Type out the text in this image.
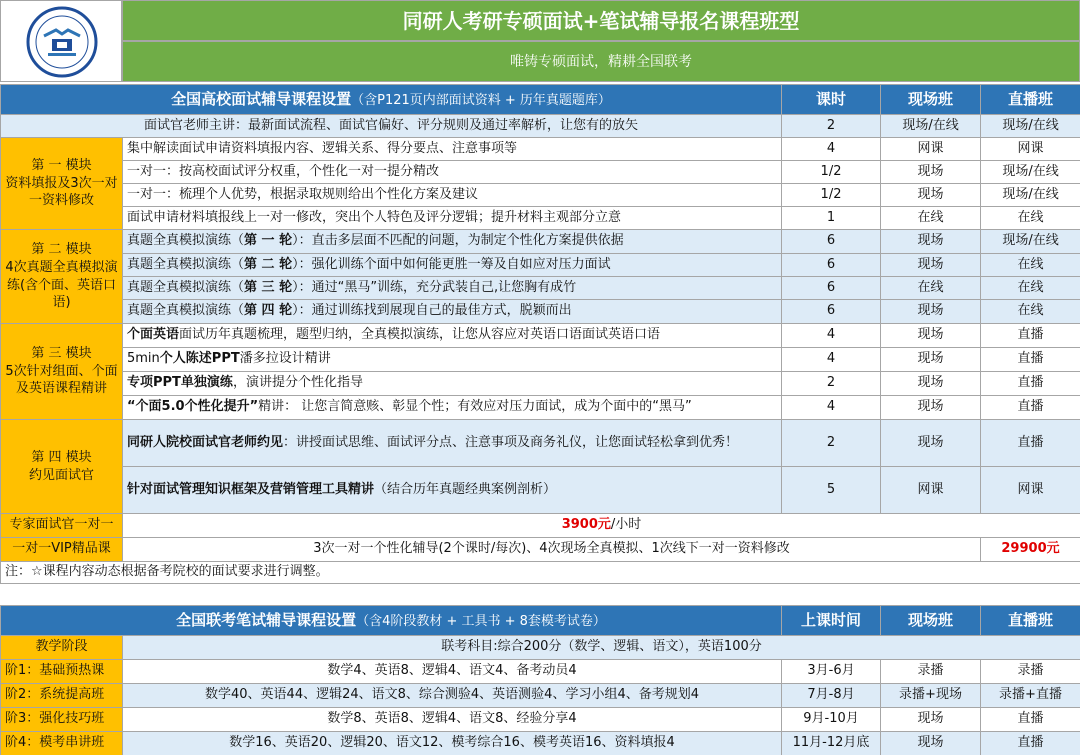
同研人考研专硕面试+笔试辅导报名课程班型
唯铸专硕面试，精耕全国联考
全国高校面试辅导课程设置（含P121页内部面试资料 + 历年真题题库）		课时	现场班	直播班
面试官老师主讲：最新面试流程、面试官偏好、评分规则及通过率解析，让您有的放矢		2	现场/在线	现场/在线

第 一 模块
资料填报及3次一对一资料修改	集中解读面试申请资料填报内容、逻辑关系、得分要点、注意事项等	4	网课	网课
	一对一：按高校面试评分权重，个性化一对一提分精改	1/2	现场	现场/在线
	一对一：梳理个人优势，根据录取规则给出个性化方案及建议	1/2	现场	现场/在线
	面试申请材料填报线上一对一修改，突出个人特色及评分逻辑；提升材料主观部分立意	1	在线	在线

第 二 模块
4次真题全真模拟演练(含个面、英语口语)	真题全真模拟演练（第 一 轮）：直击多层面不匹配的问题，为制定个性化方案提供依据	6	现场	现场/在线
	真题全真模拟演练（第 二 轮）：强化训练个面中如何能更胜一筹及自如应对压力面试	6	现场	在线
	真题全真模拟演练（第 三 轮）：通过“黑马”训练，充分武装自己,让您胸有成竹	6	在线	在线
	真题全真模拟演练（第 四 轮）：通过训练找到展现自己的最佳方式，脱颖而出	6	现场	在线

第 三 模块
5次针对组面、个面及英语课程精讲	个面英语面试历年真题梳理，题型归纳，全真模拟演练，让您从容应对英语口语面试英语口语	4	现场	直播
	5min个人陈述PPT潘多拉设计精讲	4	现场	直播
	专项PPT单独演练，演讲提分个性化指导	2	现场	直播
	“个面5.0个性化提升”精讲： 让您言简意赅、彰显个性；有效应对压力面试，成为个面中的“黑马”	4	现场	直播

第 四 模块
约见面试官	同研人院校面试官老师约见：讲授面试思维、面试评分点、注意事项及商务礼仪，让您面试轻松拿到优秀！	2	现场	直播
	针对面试管理知识框架及营销管理工具精讲（结合历年真题经典案例剖析）	5	网课	网课
专家面试官一对一	3900元/小时			
一对一VIP精品课	3次一对一个性化辅导(2个课时/每次)、4次现场全真模拟、1次线下一对一资料修改			29900元
注：☆课程内容动态根据备考院校的面试要求进行调整。				
全国联考笔试辅导课程设置（含4阶段教材 + 工具书 + 8套模考试卷）		上课时间	现场班	直播班
教学阶段	联考科目:综合200分（数学、逻辑、语文），英语100分			
阶1：基础预热课	数学4、英语8、逻辑4、语文4、备考动员4	3月-6月	录播	录播
阶2：系统提高班	数学40、英语44、逻辑24、语文8、综合测验4、英语测验4、学习小组4、备考规划4	7月-8月	录播+现场	录播+直播
阶3：强化技巧班	数学8、英语8、逻辑4、语文8、经验分享4	9月-10月	现场	直播
阶4：模考串讲班	数学16、英语20、逻辑20、语文12、模考综合16、模考英语16、资料填报4	11月-12月底	现场	直播
